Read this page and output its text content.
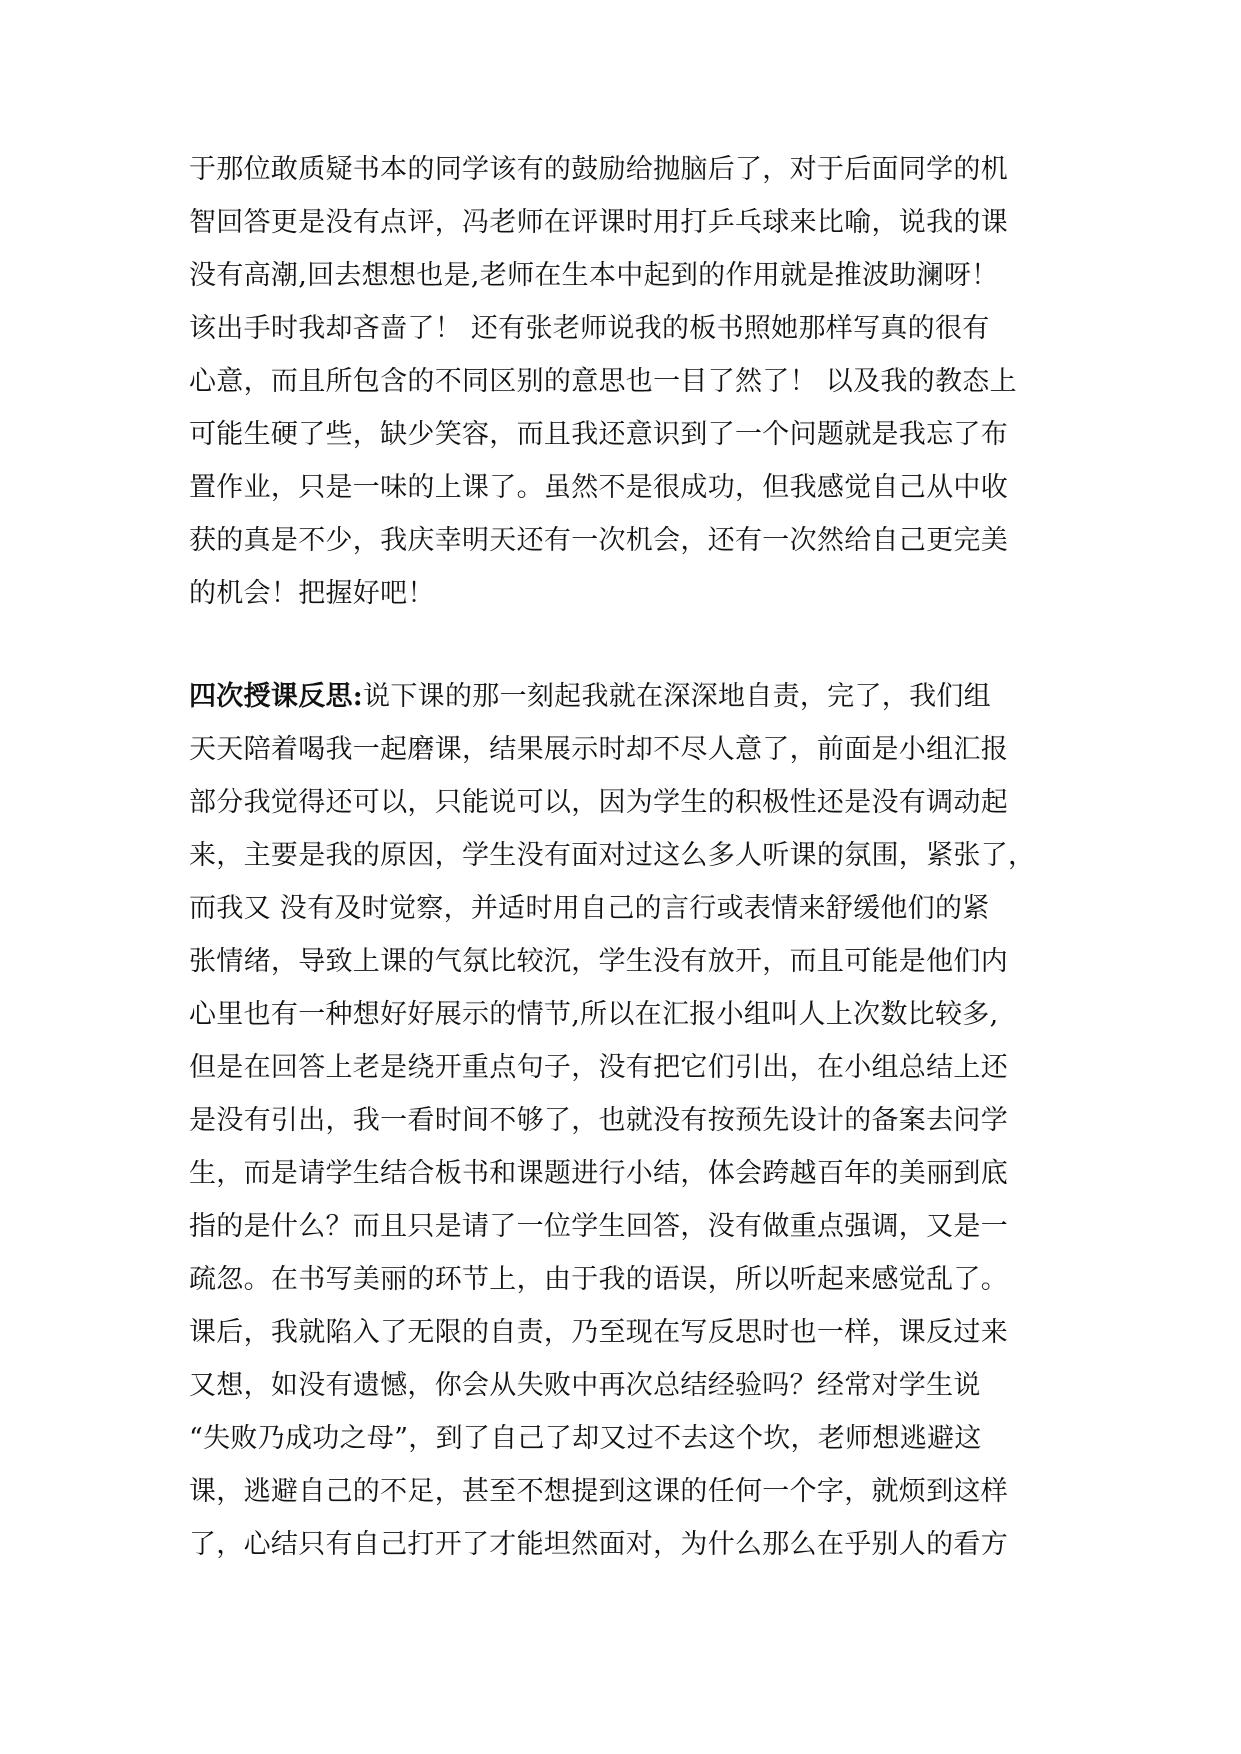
于那位敢质疑书本的同学该有的鼓励给抛脑后了，对于后面同学的机
智回答更是没有点评，冯老师在评课时用打乒乓球来比喻，说我的课
没有高潮,回去想想也是,老师在生本中起到的作用就是推波助澜呀！
该出手时我却吝啬了！ 还有张老师说我的板书照她那样写真的很有
心意，而且所包含的不同区别的意思也一目了然了！ 以及我的教态上
可能生硬了些，缺少笑容，而且我还意识到了一个问题就是我忘了布
置作业，只是一味的上课了。虽然不是很成功，但我感觉自己从中收
获的真是不少，我庆幸明天还有一次机会，还有一次然给自己更完美
的机会！把握好吧！
四次授课反思:说下课的那一刻起我就在深深地自责，完了，我们组
天天陪着喝我一起磨课，结果展示时却不尽人意了，前面是小组汇报
部分我觉得还可以，只能说可以，因为学生的积极性还是没有调动起
来，主要是我的原因，学生没有面对过这么多人听课的氛围，紧张了，
而我又 没有及时觉察，并适时用自己的言行或表情来舒缓他们的紧
张情绪，导致上课的气氛比较沉，学生没有放开，而且可能是他们内
心里也有一种想好好展示的情节,所以在汇报小组叫人上次数比较多,
但是在回答上老是绕开重点句子，没有把它们引出，在小组总结上还
是没有引出，我一看时间不够了，也就没有按预先设计的备案去问学
生，而是请学生结合板书和课题进行小结，体会跨越百年的美丽到底
指的是什么？而且只是请了一位学生回答，没有做重点强调，又是一
疏忽。在书写美丽的环节上，由于我的语误，所以听起来感觉乱了。
课后，我就陷入了无限的自责，乃至现在写反思时也一样，课反过来
又想，如没有遗憾，你会从失败中再次总结经验吗？经常对学生说
“失败乃成功之母”，到了自己了却又过不去这个坎，老师想逃避这
课，逃避自己的不足，甚至不想提到这课的任何一个字，就烦到这样
了，心结只有自己打开了才能坦然面对，为什么那么在乎别人的看方
